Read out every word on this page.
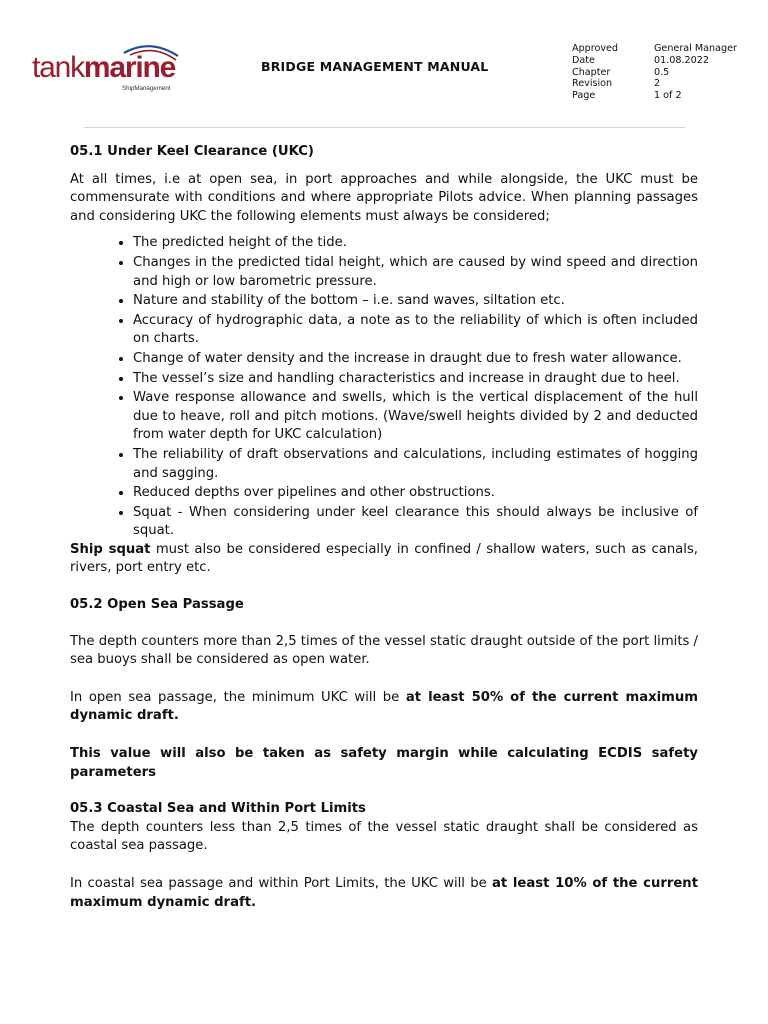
tankmarine
ShipManagement
BRIDGE MANAGEMENT MANUAL
Approved	General Manager
Date	01.08.2022
Chapter	0.5
Revision	2
Page	1 of 2

05.1 Under Keel Clearance (UKC)

At all times, i.e at open sea, in port approaches and while alongside, the UKC must be commensurate with conditions and where appropriate Pilots advice. When planning passages and considering UKC the following elements must always be considered;

• The predicted height of the tide.
• Changes in the predicted tidal height, which are caused by wind speed and direction and high or low barometric pressure.
• Nature and stability of the bottom – i.e. sand waves, siltation etc.
• Accuracy of hydrographic data, a note as to the reliability of which is often included on charts.
• Change of water density and the increase in draught due to fresh water allowance.
• The vessel’s size and handling characteristics and increase in draught due to heel.
• Wave response allowance and swells, which is the vertical displacement of the hull due to heave, roll and pitch motions. (Wave/swell heights divided by 2 and deducted from water depth for UKC calculation)
• The reliability of draft observations and calculations, including estimates of hogging and sagging.
• Reduced depths over pipelines and other obstructions.
• Squat - When considering under keel clearance this should always be inclusive of squat.

Ship squat must also be considered especially in confined / shallow waters, such as canals, rivers, port entry etc.

05.2 Open Sea Passage

The depth counters more than 2,5 times of the vessel static draught outside of the port limits / sea buoys shall be considered as open water.

In open sea passage, the minimum UKC will be at least 50% of the current maximum dynamic draft.

This value will also be taken as safety margin while calculating ECDIS safety parameters

05.3 Coastal Sea and Within Port Limits

The depth counters less than 2,5 times of the vessel static draught shall be considered as coastal sea passage.

In coastal sea passage and within Port Limits, the UKC will be at least 10% of the current maximum dynamic draft.
